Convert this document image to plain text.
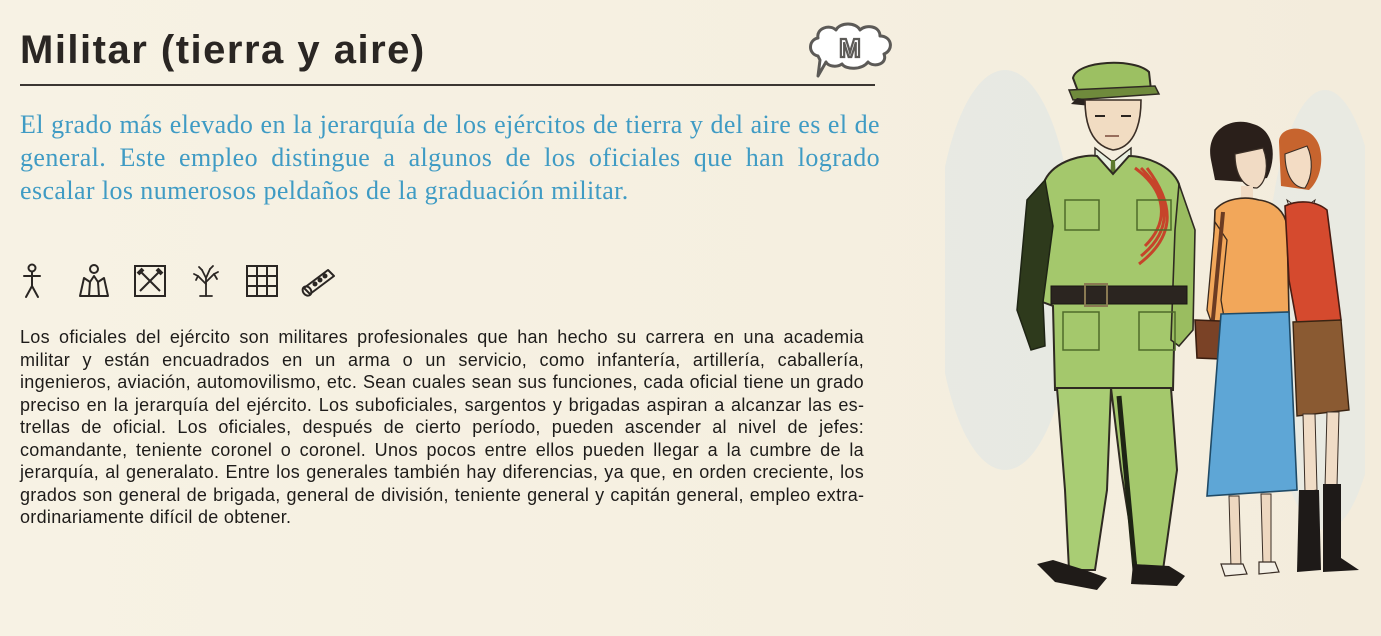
Militar (tierra y aire)	M

El grado más elevado en la jerarquía de los ejércitos de tierra y del aire es el de general. Este empleo distingue a algunos de los oficiales que han logrado escalar los numerosos peldaños de la graduación militar.

Los oficiales del ejército son militares profesionales que han hecho su carrera en una academia militar y están encuadrados en un arma o un servicio, como infantería, artillería, caballería, ingenieros, aviación, automovilismo, etc. Sean cuales sean sus funciones, cada oficial tiene un grado preciso en la jerarquía del ejército. Los suboficiales, sargentos y brigadas aspiran a alcanzar las estrellas de oficial. Los oficiales, después de cierto período, pueden ascender al nivel de jefes: comandante, teniente coronel o coronel. Unos pocos entre ellos pueden llegar a la cumbre de la jerarquía, al generalato. Entre los generales también hay diferencias, ya que, en orden creciente, los grados son general de brigada, general de división, teniente general y capitán general, empleo extraordinariamente difícil de obtener.
